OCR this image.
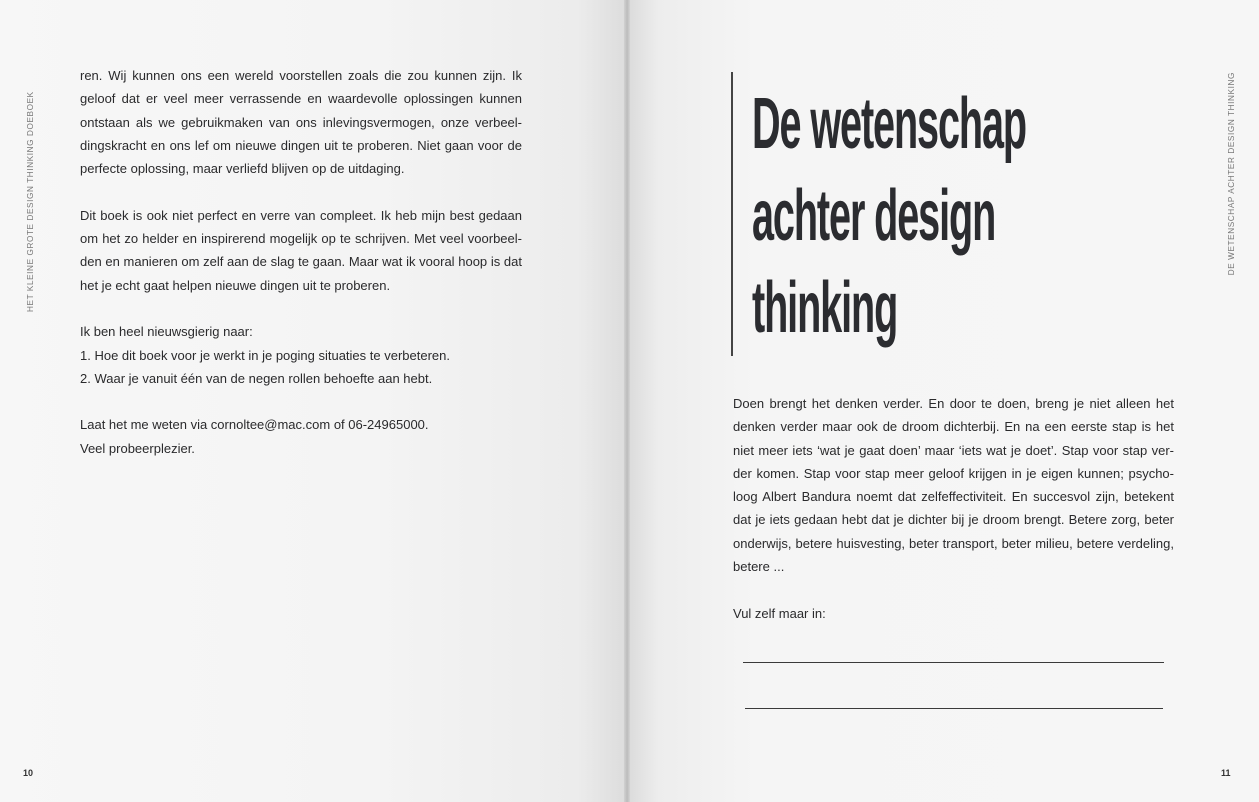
HET KLEINE GROTE DESIGN THINKING DOEBOEK

ren. Wij kunnen ons een wereld voorstellen zoals die zou kunnen zijn. Ik geloof dat er veel meer verrassende en waardevolle oplossingen kunnen ontstaan als we gebruikmaken van ons inlevingsvermogen, onze verbeel-dingskracht en ons lef om nieuwe dingen uit te proberen. Niet gaan voor de perfecte oplossing, maar verliefd blijven op de uitdaging.

Dit boek is ook niet perfect en verre van compleet. Ik heb mijn best gedaan om het zo helder en inspirerend mogelijk op te schrijven. Met veel voorbeel-den en manieren om zelf aan de slag te gaan. Maar wat ik vooral hoop is dat het je echt gaat helpen nieuwe dingen uit te proberen.

Ik ben heel nieuwsgierig naar:
1. Hoe dit boek voor je werkt in je poging situaties te verbeteren.
2. Waar je vanuit één van de negen rollen behoefte aan hebt.

Laat het me weten via cornoltee@mac.com of 06-24965000.
Veel probeerplezier.

10
DE WETENSCHAP ACHTER DESIGN THINKING
De wetenschap
achter design
thinking

Doen brengt het denken verder. En door te doen, breng je niet alleen het denken verder maar ook de droom dichterbij. En na een eerste stap is het niet meer iets ‘wat je gaat doen’ maar ‘iets wat je doet’. Stap voor stap ver-der komen. Stap voor stap meer geloof krijgen in je eigen kunnen; psycho-loog Albert Bandura noemt dat zelfeffectiviteit. En succesvol zijn, betekent dat je iets gedaan hebt dat je dichter bij je droom brengt. Betere zorg, beter onderwijs, betere huisvesting, beter transport, beter milieu, betere verdeling, betere ...

Vul zelf maar in:

11
